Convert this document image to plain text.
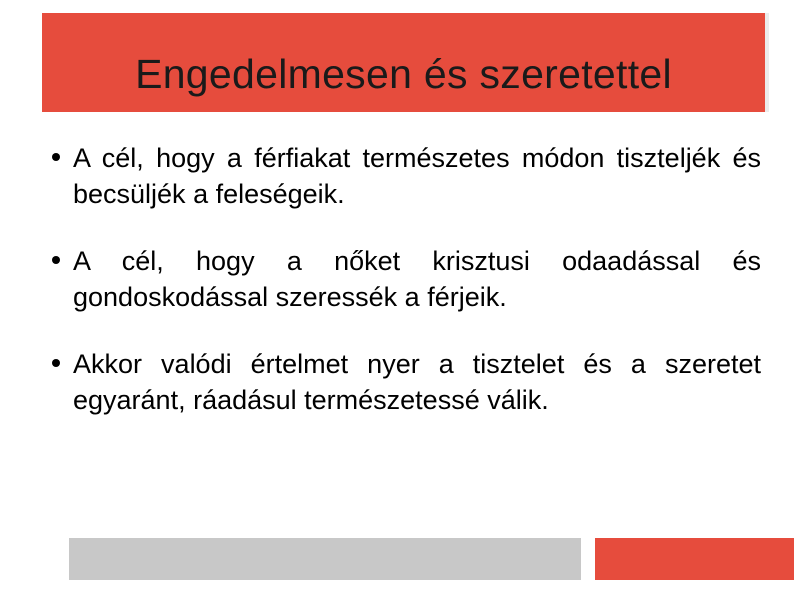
Engedelmesen és szeretettel
A cél, hogy a férfiakat természetes módon tiszteljék és becsüljék a feleségeik.
A cél, hogy a nőket krisztusi odaadással és gondoskodással szeressék a férjeik.
Akkor valódi értelmet nyer a tisztelet és a szeretet egyaránt, ráadásul természetessé válik.
